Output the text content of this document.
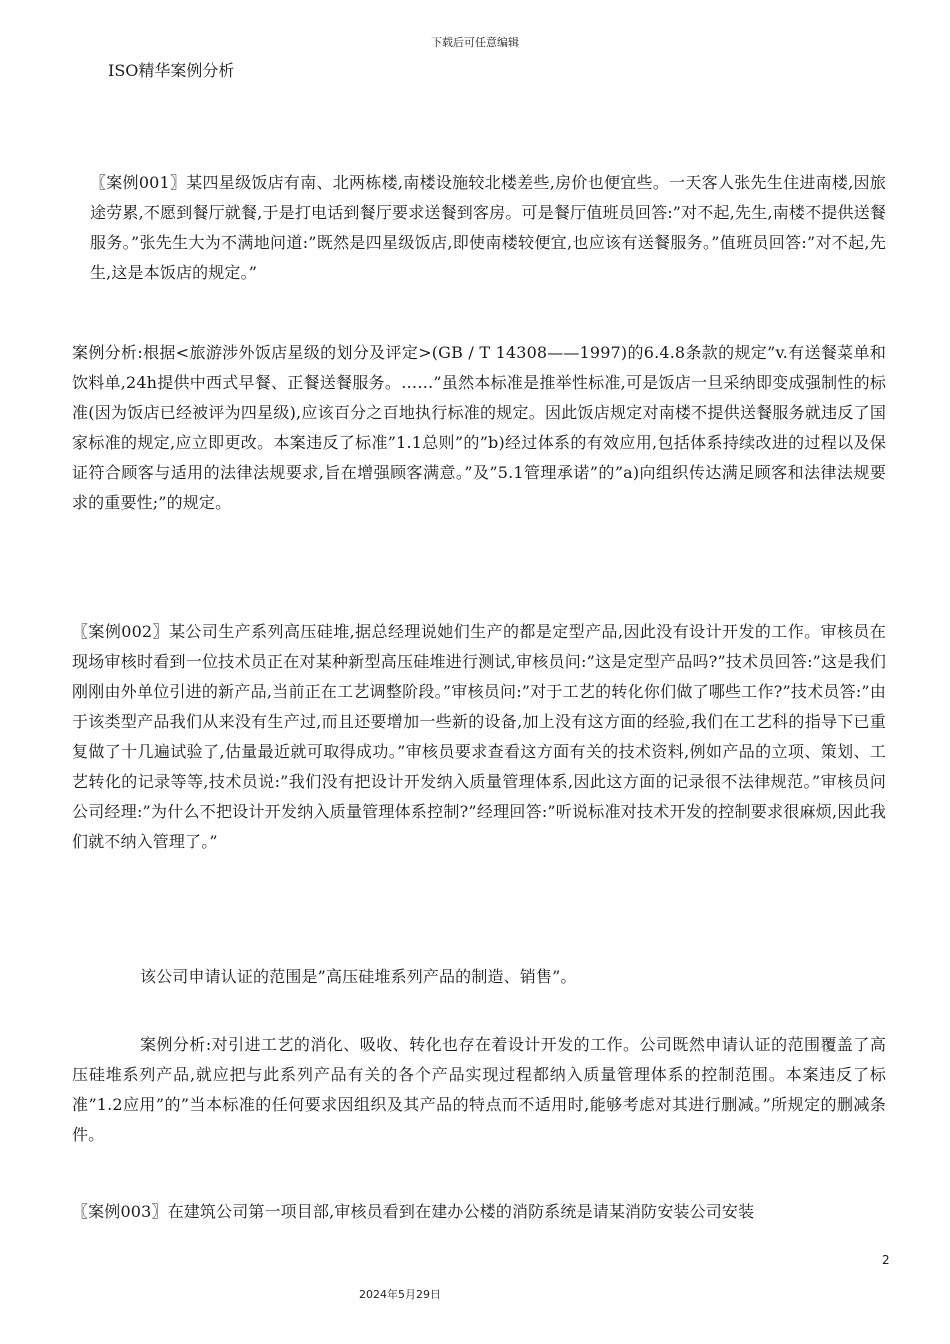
下载后可任意编辑
ISO精华案例分析

〖案例001〗某四星级饭店有南、北两栋楼,南楼设施较北楼差些,房价也便宜些。一天客人张先生住进南楼,因旅途劳累,不愿到餐厅就餐,于是打电话到餐厅要求送餐到客房。可是餐厅值班员回答:”对不起,先生,南楼不提供送餐服务。”张先生大为不满地问道:”既然是四星级饭店,即使南楼较便宜,也应该有送餐服务。”值班员回答:”对不起,先生,这是本饭店的规定。”

案例分析:根据<旅游涉外饭店星级的划分及评定>(GB / T 14308——1997)的6.4.8条款的规定”v.有送餐菜单和饮料单,24h提供中西式早餐、正餐送餐服务。……”虽然本标准是推举性标准,可是饭店一旦采纳即变成强制性的标准(因为饭店已经被评为四星级),应该百分之百地执行标准的规定。因此饭店规定对南楼不提供送餐服务就违反了国家标准的规定,应立即更改。本案违反了标准”1.1总则”的”b)经过体系的有效应用,包括体系持续改进的过程以及保证符合顾客与适用的法律法规要求,旨在增强顾客满意。”及”5.1管理承诺”的”a)向组织传达满足顾客和法律法规要求的重要性;”的规定。

〖案例002〗某公司生产系列高压硅堆,据总经理说她们生产的都是定型产品,因此没有设计开发的工作。审核员在现场审核时看到一位技术员正在对某种新型高压硅堆进行测试,审核员问:”这是定型产品吗?”技术员回答:”这是我们刚刚由外单位引进的新产品,当前正在工艺调整阶段。”审核员问:”对于工艺的转化你们做了哪些工作?”技术员答:”由于该类型产品我们从来没有生产过,而且还要增加一些新的设备,加上没有这方面的经验,我们在工艺科的指导下已重复做了十几遍试验了,估量最近就可取得成功。”审核员要求查看这方面有关的技术资料,例如产品的立项、策划、工艺转化的记录等等,技术员说:”我们没有把设计开发纳入质量管理体系,因此这方面的记录很不法律规范。”审核员问公司经理:”为什么不把设计开发纳入质量管理体系控制?”经理回答:”听说标准对技术开发的控制要求很麻烦,因此我们就不纳入管理了。”

该公司申请认证的范围是”高压硅堆系列产品的制造、销售”。

案例分析:对引进工艺的消化、吸收、转化也存在着设计开发的工作。公司既然申请认证的范围覆盖了高压硅堆系列产品,就应把与此系列产品有关的各个产品实现过程都纳入质量管理体系的控制范围。本案违反了标准”1.2应用”的”当本标准的任何要求因组织及其产品的特点而不适用时,能够考虑对其进行删减。”所规定的删减条件。

〖案例003〗在建筑公司第一项目部,审核员看到在建办公楼的消防系统是请某消防安装公司安装

2
2024年5月29日
